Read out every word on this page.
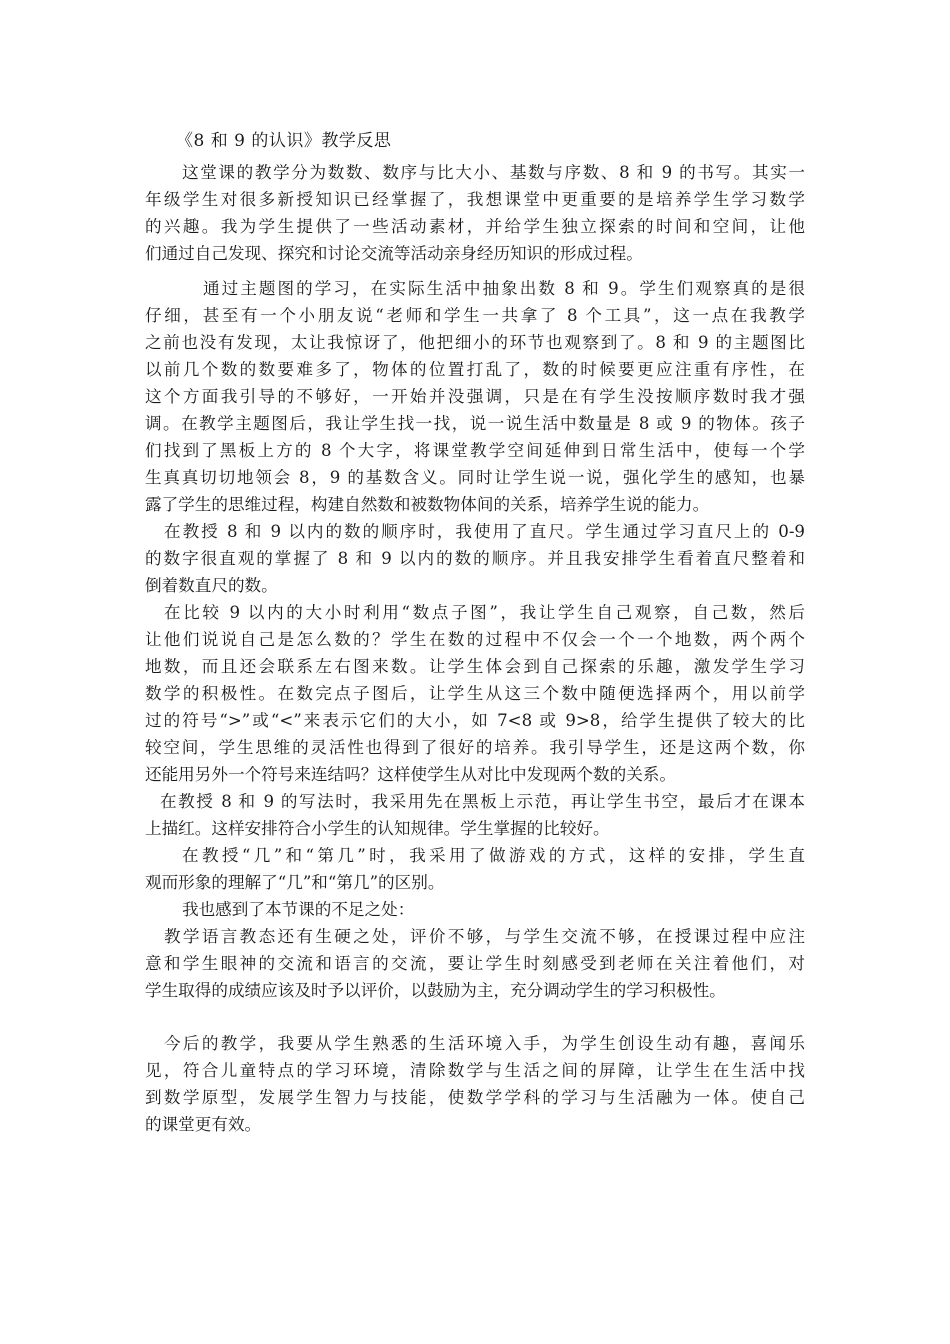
《8 和 9 的认识》教学反思
这堂课的教学分为数数、数序与比大小、基数与序数、8 和 9 的书写。其实一
年级学生对很多新授知识已经掌握了，我想课堂中更重要的是培养学生学习数学
的兴趣。我为学生提供了一些活动素材，并给学生独立探索的时间和空间，让他
们通过自己发现、探究和讨论交流等活动亲身经历知识的形成过程。
通过主题图的学习，在实际生活中抽象出数 8 和 9。学生们观察真的是很
仔细，甚至有一个小朋友说“老师和学生一共拿了 8 个工具”，这一点在我教学
之前也没有发现，太让我惊讶了，他把细小的环节也观察到了。8 和 9 的主题图比
以前几个数的数要难多了，物体的位置打乱了，数的时候要更应注重有序性，在
这个方面我引导的不够好，一开始并没强调，只是在有学生没按顺序数时我才强
调。在教学主题图后，我让学生找一找，说一说生活中数量是 8 或 9 的物体。孩子
们找到了黑板上方的 8 个大字，将课堂教学空间延伸到日常生活中，使每一个学
生真真切切地领会 8，9 的基数含义。同时让学生说一说，强化学生的感知，也暴
露了学生的思维过程，构建自然数和被数物体间的关系，培养学生说的能力。
在教授 8 和 9 以内的数的顺序时，我使用了直尺。学生通过学习直尺上的 0-9
的数字很直观的掌握了 8 和 9 以内的数的顺序。并且我安排学生看着直尺整着和
倒着数直尺的数。
在比较 9 以内的大小时利用“数点子图”，我让学生自己观察，自己数，然后
让他们说说自己是怎么数的？学生在数的过程中不仅会一个一个地数，两个两个
地数，而且还会联系左右图来数。让学生体会到自己探索的乐趣，激发学生学习
数学的积极性。在数完点子图后，让学生从这三个数中随便选择两个，用以前学
过的符号“>”或“<”来表示它们的大小，如 7<8 或 9>8，给学生提供了较大的比
较空间，学生思维的灵活性也得到了很好的培养。我引导学生，还是这两个数，你
还能用另外一个符号来连结吗？这样使学生从对比中发现两个数的关系。
在教授 8 和 9 的写法时，我采用先在黑板上示范，再让学生书空，最后才在课本
上描红。这样安排符合小学生的认知规律。学生掌握的比较好。
在教授“几”和“第几”时，我采用了做游戏的方式，这样的安排，学生直
观而形象的理解了“几”和“第几”的区别。
我也感到了本节课的不足之处：
教学语言教态还有生硬之处，评价不够，与学生交流不够，在授课过程中应注
意和学生眼神的交流和语言的交流，要让学生时刻感受到老师在关注着他们，对
学生取得的成绩应该及时予以评价，以鼓励为主，充分调动学生的学习积极性。
今后的教学，我要从学生熟悉的生活环境入手，为学生创设生动有趣，喜闻乐
见，符合儿童特点的学习环境，清除数学与生活之间的屏障，让学生在生活中找
到数学原型，发展学生智力与技能，使数学学科的学习与生活融为一体。使自己
的课堂更有效。
